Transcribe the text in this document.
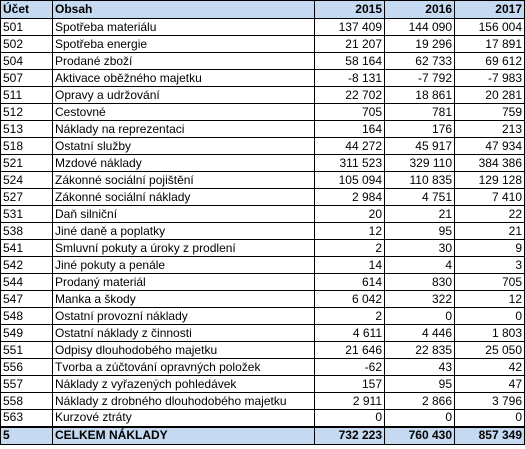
Účet	Obsah	2015	2016	2017
501	Spotřeba materiálu	137 409	144 090	156 004
502	Spotřeba energie	21 207	19 296	17 891
504	Prodané zboží	58 164	62 733	69 612
507	Aktivace oběžného majetku	-8 131	-7 792	-7 983
511	Opravy a udržování	22 702	18 861	20 281
512	Cestovné	705	781	759
513	Náklady na reprezentaci	164	176	213
518	Ostatní služby	44 272	45 917	47 934
521	Mzdové náklady	311 523	329 110	384 386
524	Zákonné sociální pojištění	105 094	110 835	129 128
527	Zákonné sociální náklady	2 984	4 751	7 410
531	Daň silniční	20	21	22
538	Jiné daně a poplatky	12	95	21
541	Smluvní pokuty a úroky z prodlení	2	30	9
542	Jiné pokuty a penále	14	4	3
544	Prodaný materiál	614	830	705
547	Manka a škody	6 042	322	12
548	Ostatní provozní náklady	2	0	0
549	Ostatní náklady z činnosti	4 611	4 446	1 803
551	Odpisy dlouhodobého majetku	21 646	22 835	25 050
556	Tvorba a zúčtování opravných položek	-62	43	42
557	Náklady z vyřazených pohledávek	157	95	47
558	Náklady z drobného dlouhodobého majetku	2 911	2 866	3 796
563	Kurzové ztráty	0	0	0
5	CELKEM NÁKLADY	732 223	760 430	857 349
